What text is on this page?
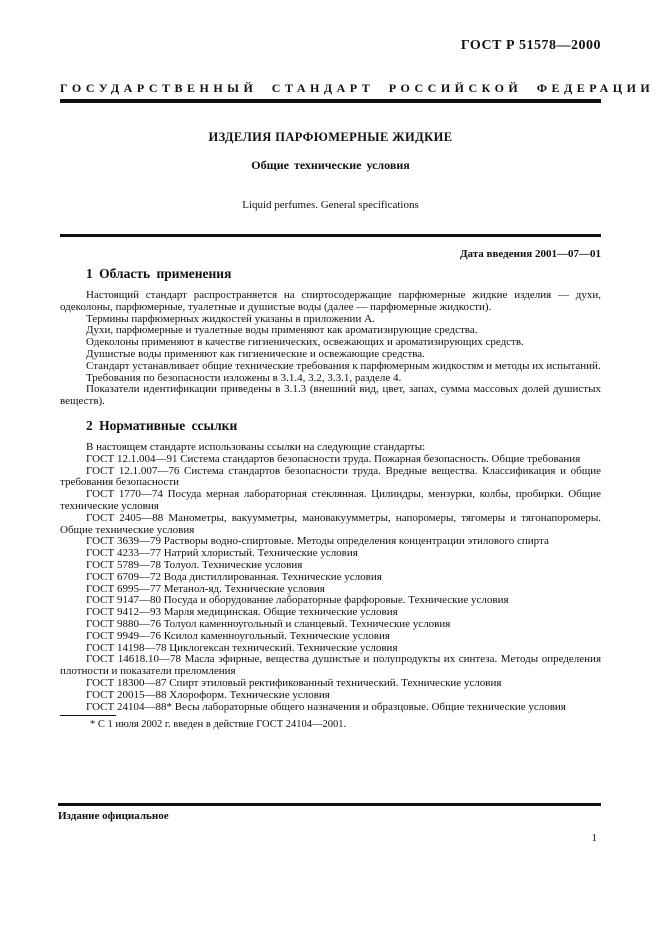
ГОСТ Р 51578—2000
ГОСУДАРСТВЕННЫЙ СТАНДАРТ РОССИЙСКОЙ ФЕДЕРАЦИИ
ИЗДЕЛИЯ ПАРФЮМЕРНЫЕ ЖИДКИЕ
Общие технические условия
Liquid perfumes. General specifications
Дата введения 2001—07—01
1 Область применения

Настоящий стандарт распространяется на спиртосодержащие парфюмерные жидкие изделия — духи, одеколоны, парфюмерные, туалетные и душистые воды (далее — парфюмерные жидкости).

Термины парфюмерных жидкостей указаны в приложении А.

Духи, парфюмерные и туалетные воды применяют как ароматизирующие средства.

Одеколоны применяют в качестве гигиенических, освежающих и ароматизирующих средств.

Душистые воды применяют как гигиенические и освежающие средства.

Стандарт устанавливает общие технические требования к парфюмерным жидкостям и методы их испытаний.

Требования по безопасности изложены в 3.1.4, 3.2, 3.3.1, разделе 4.

Показатели идентификации приведены в 3.1.3 (внешний вид, цвет, запах, сумма массовых долей душистых веществ).

2 Нормативные ссылки

В настоящем стандарте использованы ссылки на следующие стандарты:

ГОСТ 12.1.004—91 Система стандартов безопасности труда. Пожарная безопасность. Общие требования

ГОСТ 12.1.007—76 Система стандартов безопасности труда. Вредные вещества. Классификация и общие требования безопасности

ГОСТ 1770—74 Посуда мерная лабораторная стеклянная. Цилиндры, мензурки, колбы, пробирки. Общие технические условия

ГОСТ 2405—88 Манометры, вакуумметры, мановакуумметры, напоромеры, тягомеры и тягонапоромеры. Общие технические условия

ГОСТ 3639—79 Растворы водно-спиртовые. Методы определения концентрации этилового спирта

ГОСТ 4233—77 Натрий хлористый. Технические условия

ГОСТ 5789—78 Толуол. Технические условия

ГОСТ 6709—72 Вода дистиллированная. Технические условия

ГОСТ 6995—77 Метанол-яд. Технические условия

ГОСТ 9147—80 Посуда и оборудование лабораторные фарфоровые. Технические условия

ГОСТ 9412—93 Марля медицинская. Общие технические условия

ГОСТ 9880—76 Толуол каменноугольный и сланцевый. Технические условия

ГОСТ 9949—76 Ксилол каменноугольный. Технические условия

ГОСТ 14198—78 Циклогексан технический. Технические условия

ГОСТ 14618.10—78 Масла эфирные, вещества душистые и полупродукты их синтеза. Методы определения плотности и показатели преломления

ГОСТ 18300—87 Спирт этиловый ректификованный технический. Технические условия

ГОСТ 20015—88 Хлороформ. Технические условия

ГОСТ 24104—88* Весы лабораторные общего назначения и образцовые. Общие технические условия

* С 1 июля 2002 г. введен в действие ГОСТ 24104—2001.

Издание официальное
1
